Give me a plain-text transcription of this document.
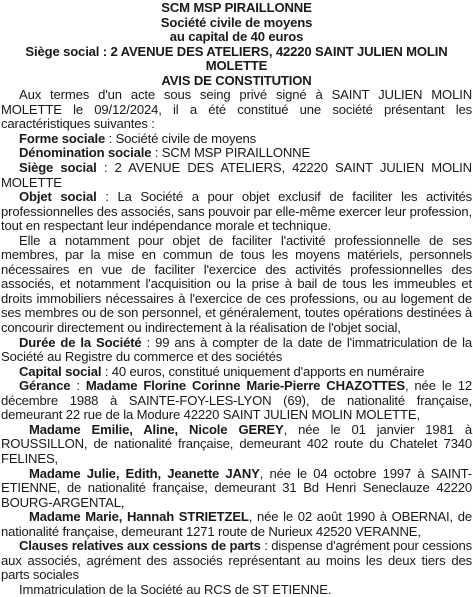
SCM MSP PIRAILLONNE

Société civile de moyens

au capital de 40 euros

Siège social : 2 AVENUE DES ATELIERS, 42220 SAINT JULIEN MOLIN MOLETTE

AVIS DE CONSTITUTION

Aux termes d'un acte sous seing privé signé à SAINT JULIEN MOLIN MOLETTE le 09/12/2024, il a été constitué une société présentant les caractéristiques suivantes :

Forme sociale : Société civile de moyens

Dénomination sociale : SCM MSP PIRAILLONNE

Siège social : 2 AVENUE DES ATELIERS, 42220 SAINT JULIEN MOLIN MOLETTE

Objet social : La Société a pour objet exclusif de faciliter les activités professionnelles des associés, sans pouvoir par elle-même exercer leur profession, tout en respectant leur indépendance morale et technique.

Elle a notamment pour objet de faciliter l'activité professionnelle de ses membres, par la mise en commun de tous les moyens matériels, personnels nécessaires en vue de faciliter l'exercice des activités professionnelles des associés, et notamment l'acquisition ou la prise à bail de tous les immeubles et droits immobiliers nécessaires à l'exercice de ces professions, ou au logement de ses membres ou de son personnel, et généralement, toutes opérations destinées à concourir directement ou indirectement à la réalisation de l'objet social,

Durée de la Société : 99 ans à compter de la date de l'immatriculation de la Société au Registre du commerce et des sociétés

Capital social : 40 euros, constitué uniquement d'apports en numéraire

Gérance : Madame Florine Corinne Marie-Pierre CHAZOTTES, née le 12 décembre 1988 à SAINTE-FOY-LES-LYON (69), de nationalité française, demeurant 22 rue de la Modure 42220 SAINT JULIEN MOLIN MOLETTE,

Madame Emilie, Aline, Nicole GEREY, née le 01 janvier 1981 à ROUSSILLON, de nationalité française, demeurant 402 route du Chatelet 7340 FELINES,

Madame Julie, Edith, Jeanette JANY, née le 04 octobre 1997 à SAINT-ETIENNE, de nationalité française, demeurant 31 Bd Henri Seneclauze 42220 BOURG-ARGENTAL,

Madame Marie, Hannah STRIETZEL, née le 02 août 1990 à OBERNAI, de nationalité française, demeurant 1271 route de Nurieux 42520 VERANNE,

Clauses relatives aux cessions de parts : dispense d'agrément pour cessions aux associés, agrément des associés représentant au moins les deux tiers des parts sociales

Immatriculation de la Société au RCS de ST ETIENNE.
